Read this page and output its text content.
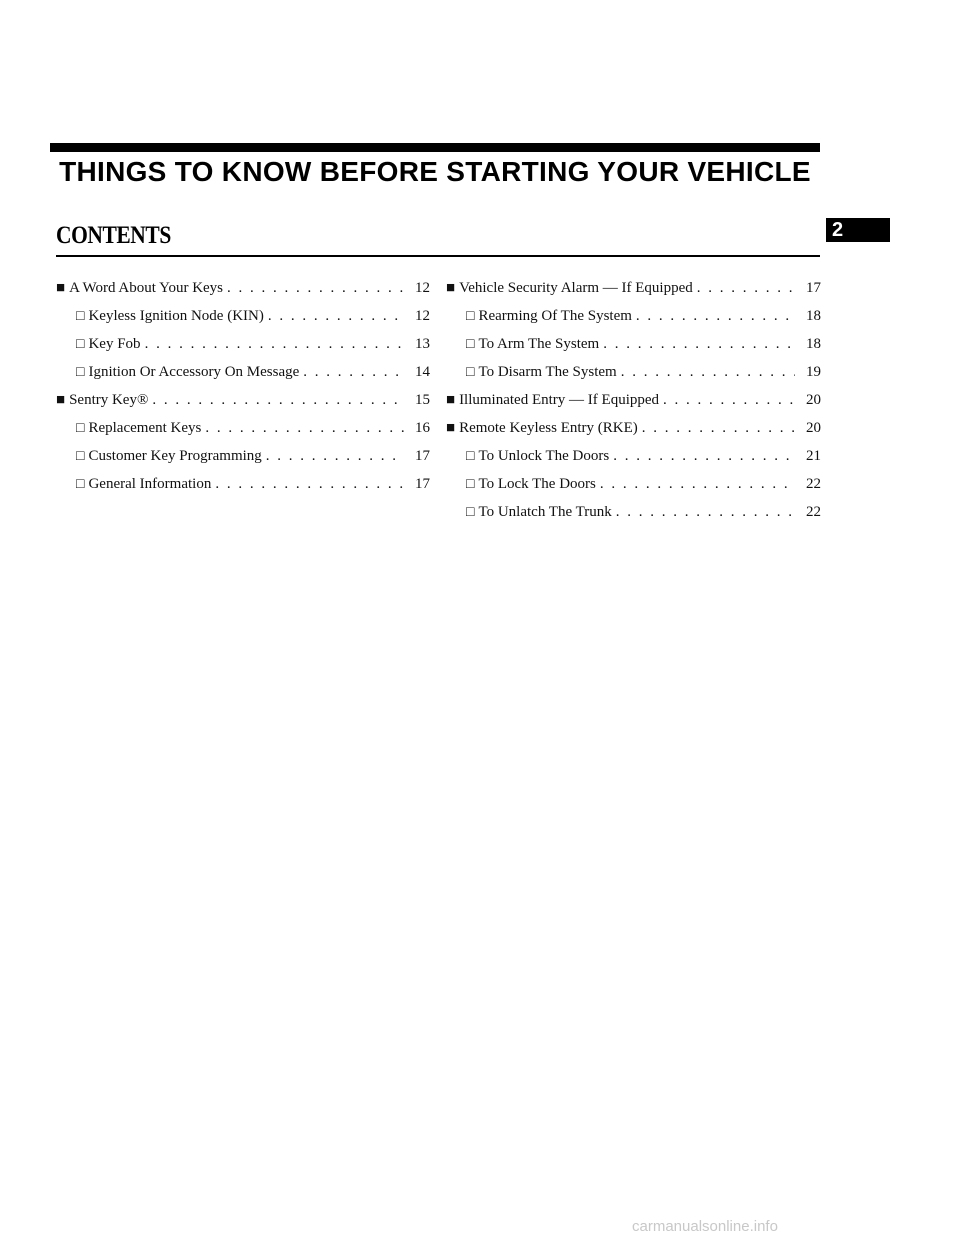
THINGS TO KNOW BEFORE STARTING YOUR VEHICLE
CONTENTS	2
■ A Word About Your Keys . . .	12
□ Keyless Ignition Node (KIN) . . .	12
□ Key Fob . . .	13
□ Ignition Or Accessory On Message . . .	14
■ Sentry Key® . . .	15
□ Replacement Keys . . .	16
□ Customer Key Programming . . .	17
□ General Information . . .	17
■ Vehicle Security Alarm — If Equipped . . .	17
□ Rearming Of The System . . .	18
□ To Arm The System . . .	18
□ To Disarm The System . . .	19
■ Illuminated Entry — If Equipped . . .	20
■ Remote Keyless Entry (RKE) . . .	20
□ To Unlock The Doors . . .	21
□ To Lock The Doors . . .	22
□ To Unlatch The Trunk . . .	22
carmanualsonline.info
